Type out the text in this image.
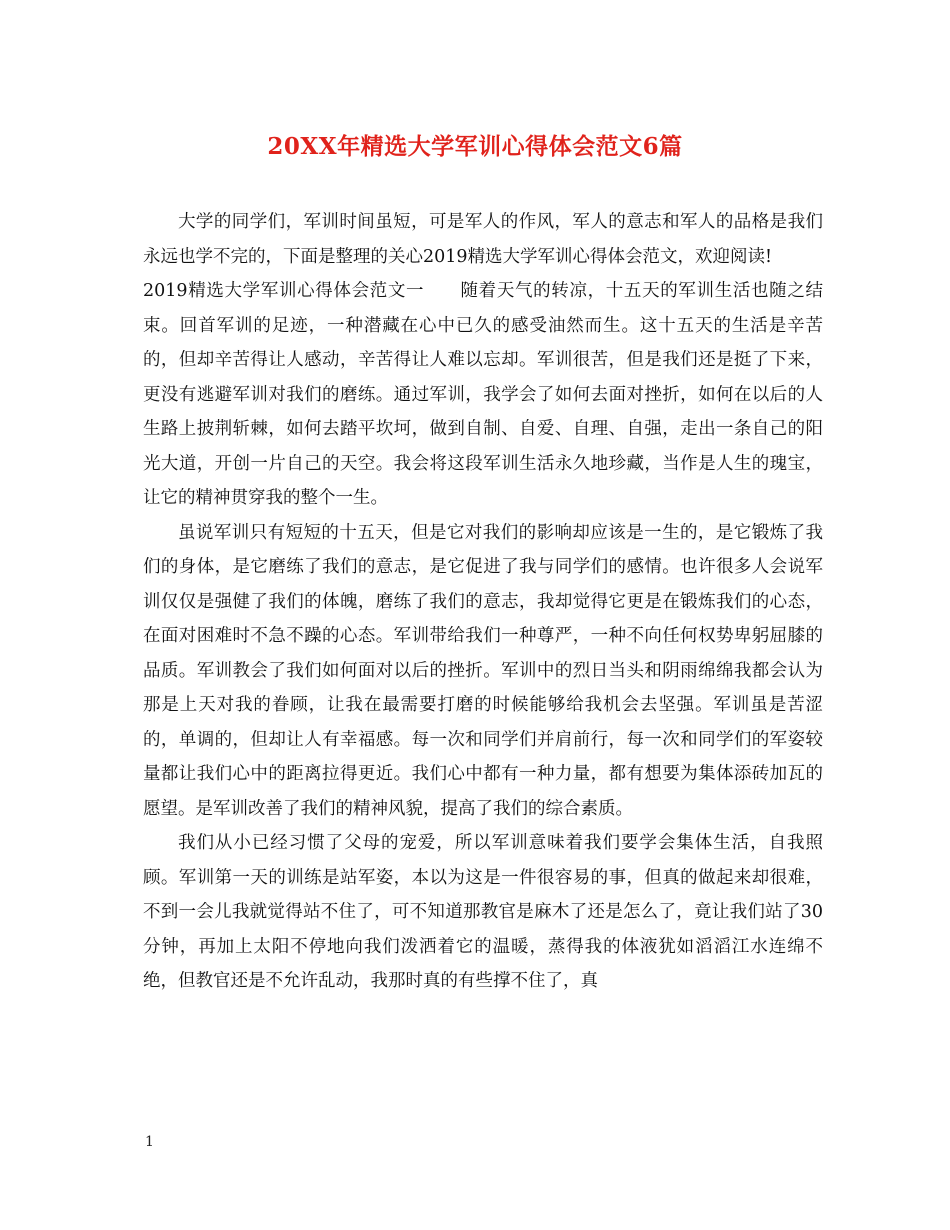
20XX年精选大学军训心得体会范文6篇

大学的同学们，军训时间虽短，可是军人的作风，军人的意志和军人的品格是我们永远也学不完的，下面是整理的关心2019精选大学军训心得体会范文，欢迎阅读!

2019精选大学军训心得体会范文一　　随着天气的转凉，十五天的军训生活也随之结束。回首军训的足迹，一种潜藏在心中已久的感受油然而生。这十五天的生活是辛苦的，但却辛苦得让人感动，辛苦得让人难以忘却。军训很苦，但是我们还是挺了下来，更没有逃避军训对我们的磨练。通过军训，我学会了如何去面对挫折，如何在以后的人生路上披荆斩棘，如何去踏平坎坷，做到自制、自爱、自理、自强，走出一条自己的阳光大道，开创一片自己的天空。我会将这段军训生活永久地珍藏，当作是人生的瑰宝，让它的精神贯穿我的整个一生。

虽说军训只有短短的十五天，但是它对我们的影响却应该是一生的，是它锻炼了我们的身体，是它磨练了我们的意志，是它促进了我与同学们的感情。也许很多人会说军训仅仅是强健了我们的体魄，磨练了我们的意志，我却觉得它更是在锻炼我们的心态，在面对困难时不急不躁的心态。军训带给我们一种尊严，一种不向任何权势卑躬屈膝的品质。军训教会了我们如何面对以后的挫折。军训中的烈日当头和阴雨绵绵我都会认为那是上天对我的眷顾，让我在最需要打磨的时候能够给我机会去坚强。军训虽是苦涩的，单调的，但却让人有幸福感。每一次和同学们并肩前行，每一次和同学们的军姿较量都让我们心中的距离拉得更近。我们心中都有一种力量，都有想要为集体添砖加瓦的愿望。是军训改善了我们的精神风貌，提高了我们的综合素质。

我们从小已经习惯了父母的宠爱，所以军训意味着我们要学会集体生活，自我照顾。军训第一天的训练是站军姿，本以为这是一件很容易的事，但真的做起来却很难，不到一会儿我就觉得站不住了，可不知道那教官是麻木了还是怎么了，竟让我们站了30分钟，再加上太阳不停地向我们泼洒着它的温暖，蒸得我的体液犹如滔滔江水连绵不绝，但教官还是不允许乱动，我那时真的有些撑不住了，真

1
